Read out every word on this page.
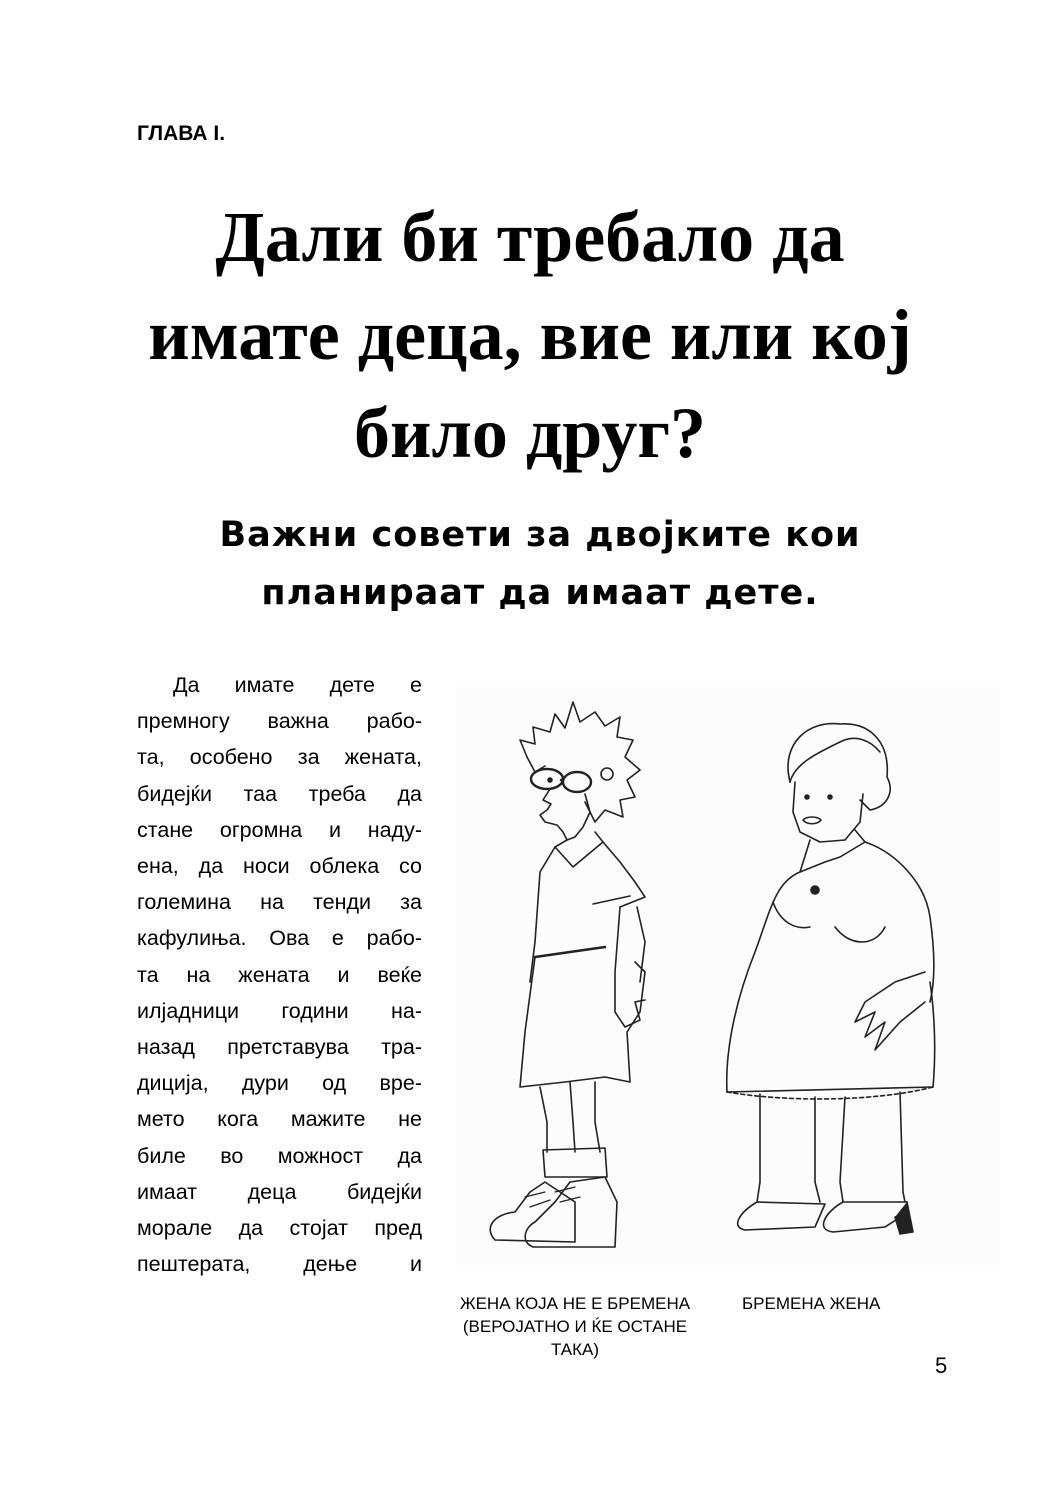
ГЛАВА I.
Дали би требало да
имате деца, вие или кој
било друг?
Важни совети за двојките кои
планираат да имаат дете.
Да имате дете е
премногу важна рабо-
та, особено за жената,
бидејќи таа треба да
стане огромна и наду-
ена, да носи облека со
големина на тенди за
кафулиња. Ова е рабо-
та на жената и веќе
илјадници години на-
назад претставува тра-
диција, дури од вре-
мето кога мажите не
биле во можност да
имаат деца бидејќи
морале да стојат пред
пештерата, дење и
ЖЕНА КОЈА НЕ Е БРЕМЕНА
(ВЕРОЈАТНО И ЌЕ ОСТАНЕ
ТАКА)
БРЕМЕНА ЖЕНА
5
